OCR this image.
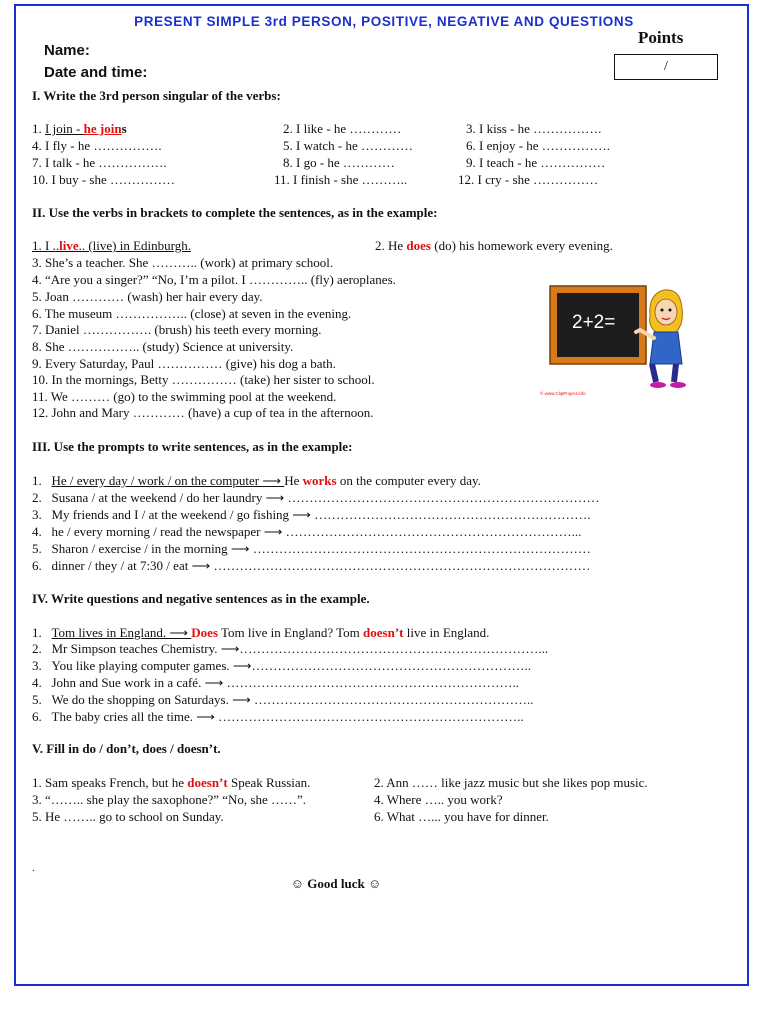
PRESENT SIMPLE 3rd PERSON, POSITIVE, NEGATIVE AND QUESTIONS
Points
/
Name:
Date and time:
I. Write the 3rd person singular of the verbs:
1. I join - he joins	2. I like - he …………	3. I kiss - he …………….
4. I fly - he …………….	5. I watch - he …………	6. I enjoy - he …………….
7. I talk - he …………….	8. I go - he …………	9. I teach - he ……………
10. I buy - she ……………	11. I finish - she ………..	12. I cry - she ……………
II. Use the verbs in brackets to complete the sentences, as in the example:
1. I ..live.. (live) in Edinburgh.	2. He does (do) his homework every evening.
3. She’s a teacher. She ……….. (work) at primary school.
4. “Are you a singer?” “No, I’m a pilot. I ………….. (fly) aeroplanes.
5. Joan ………… (wash) her hair every day.
6. The museum …………….. (close) at seven in the evening.
7. Daniel ……………. (brush) his teeth every morning.
8. She …………….. (study) Science at university.
9. Every Saturday, Paul …………… (give) his dog a bath.
10. In the mornings, Betty …………… (take) her sister to school.
11. We ……… (go) to the swimming pool at the weekend.
12. John and Mary ………… (have) a cup of tea in the afternoon.
2+2=
© www.ClipProject.info
III. Use the prompts to write sentences, as in the example:
1. He / every day / work / on the computer ⟶ He works on the computer every day.
2. Susana / at the weekend / do her laundry ⟶ ………………………………………………………………
3. My friends and I / at the weekend / go fishing ⟶ ……………………………………………………….
4. he / every morning / read the newspaper ⟶ …………………………………………………………...
5. Sharon / exercise / in the morning ⟶ ……………………………………………………………………
6. dinner / they / at 7:30 / eat ⟶ ……………………………………………………………………………
IV. Write questions and negative sentences as in the example.
1. Tom lives in England. ⟶ Does Tom live in England? Tom doesn’t live in England.
2. Mr Simpson teaches Chemistry. ⟶……………………………………………………………...
3. You like playing computer games. ⟶………………………………………………………..
4. John and Sue work in a café. ⟶ …………………………………………………………..
5. We do the shopping on Saturdays. ⟶ ………………………………………………………..
6. The baby cries all the time. ⟶ ……………………………………………………………..
V. Fill in do / don’t, does / doesn’t.
1. Sam speaks French, but he doesn’t Speak Russian.	2. Ann …… like jazz music but she likes pop music.
3. “…….. she play the saxophone?” “No, she ……”.	4. Where ….. you work?
5. He …….. go to school on Sunday.	6. What …... you have for dinner.
.
☺ Good luck ☺
